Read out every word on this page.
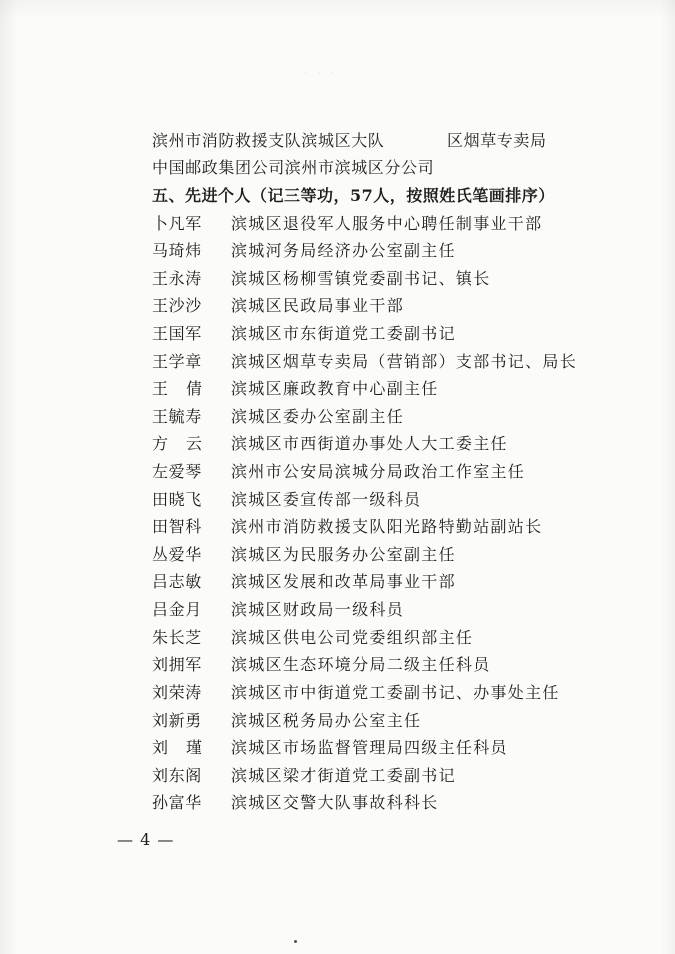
· · ·
滨州市消防救援支队滨城区大队	区烟草专卖局
中国邮政集团公司滨州市滨城区分公司
五、先进个人（记三等功，57人，按照姓氏笔画排序）
卜凡军 滨城区退役军人服务中心聘任制事业干部
马琦炜 滨城河务局经济办公室副主任
王永涛 滨城区杨柳雪镇党委副书记、镇长
王沙沙 滨城区民政局事业干部
王国军 滨城区市东街道党工委副书记
王学章 滨城区烟草专卖局（营销部）支部书记、局长
王倩 滨城区廉政教育中心副主任
王毓寿 滨城区委办公室副主任
方云 滨城区市西街道办事处人大工委主任
左爱琴 滨州市公安局滨城分局政治工作室主任
田晓飞 滨城区委宣传部一级科员
田智科 滨州市消防救援支队阳光路特勤站副站长
丛爱华 滨城区为民服务办公室副主任
吕志敏 滨城区发展和改革局事业干部
吕金月 滨城区财政局一级科员
朱长芝 滨城区供电公司党委组织部主任
刘拥军 滨城区生态环境分局二级主任科员
刘荣涛 滨城区市中街道党工委副书记、办事处主任
刘新勇 滨城区税务局办公室主任
刘瑾 滨城区市场监督管理局四级主任科员
刘东阁 滨城区梁才街道党工委副书记
孙富华 滨城区交警大队事故科科长
— 4 —
